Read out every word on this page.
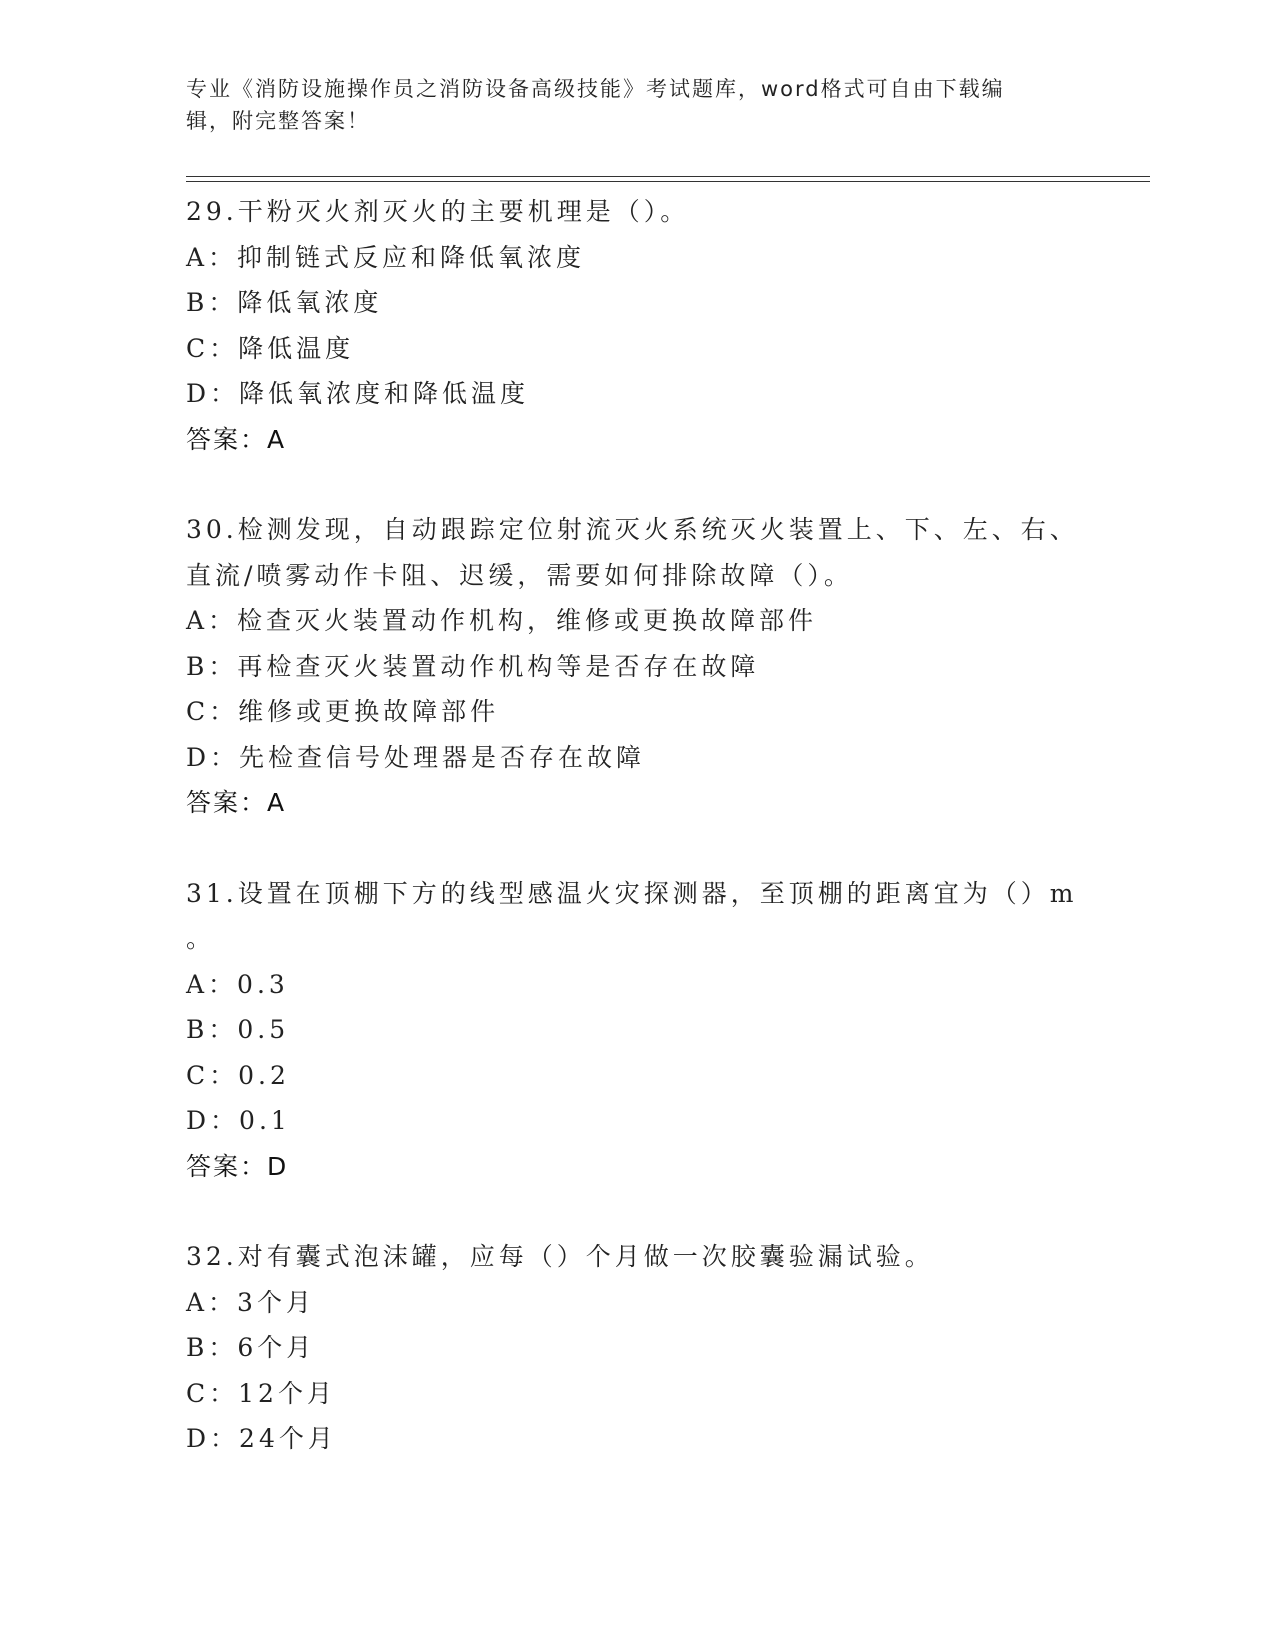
专业《消防设施操作员之消防设备高级技能》考试题库，word格式可自由下载编
辑，附完整答案！
29.干粉灭火剂灭火的主要机理是（）。
A：抑制链式反应和降低氧浓度
B：降低氧浓度
C：降低温度
D：降低氧浓度和降低温度
答案：A
30.检测发现，自动跟踪定位射流灭火系统灭火装置上、下、左、右、
直流/喷雾动作卡阻、迟缓，需要如何排除故障（）。
A：检查灭火装置动作机构，维修或更换故障部件
B：再检查灭火装置动作机构等是否存在故障
C：维修或更换故障部件
D：先检查信号处理器是否存在故障
答案：A
31.设置在顶棚下方的线型感温火灾探测器，至顶棚的距离宜为（）m
。
A：0.3
B：0.5
C：0.2
D：0.1
答案：D
32.对有囊式泡沫罐，应每（）个月做一次胶囊验漏试验。
A：3个月
B：6个月
C：12个月
D：24个月
